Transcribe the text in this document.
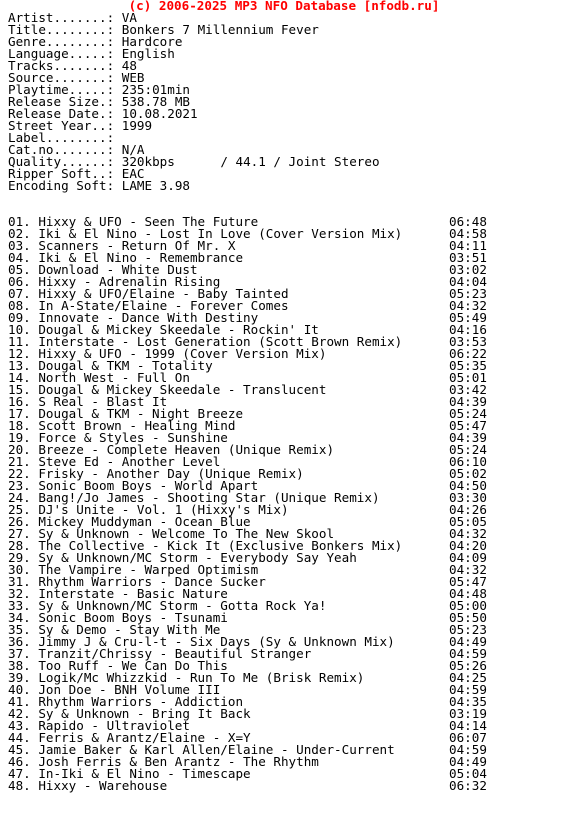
(c) 2006-2025 MP3 NFO Database [nfodb.ru]
Artist.......: VA
Title........: Bonkers 7 Millennium Fever
Genre........: Hardcore
Language.....: English
Tracks.......: 48
Source.......: WEB
Playtime.....: 235:01min
Release Size.: 538.78 MB
Release Date.: 10.08.2021
Street Year..: 1999
Label........:
Cat.no.......: N/A
Quality......: 320kbps      / 44.1 / Joint Stereo
Ripper Soft..: EAC
Encoding Soft: LAME 3.98
01. Hixxy & UFO - Seen The Future	06:48
02. Iki & El Nino - Lost In Love (Cover Version Mix)	04:58
03. Scanners - Return Of Mr. X	04:11
04. Iki & El Nino - Remembrance	03:51
05. Download - White Dust	03:02
06. Hixxy - Adrenalin Rising	04:04
07. Hixxy & UFO/Elaine - Baby Tainted	05:23
08. In A-State/Elaine - Forever Comes	04:32
09. Innovate - Dance With Destiny	05:49
10. Dougal & Mickey Skeedale - Rockin' It	04:16
11. Interstate - Lost Generation (Scott Brown Remix)	03:53
12. Hixxy & UFO - 1999 (Cover Version Mix)	06:22
13. Dougal & TKM - Totality	05:35
14. North West - Full On	05:01
15. Dougal & Mickey Skeedale - Translucent	03:42
16. S Real - Blast It	04:39
17. Dougal & TKM - Night Breeze	05:24
18. Scott Brown - Healing Mind	05:47
19. Force & Styles - Sunshine	04:39
20. Breeze - Complete Heaven (Unique Remix)	05:24
21. Steve Ed - Another Level	06:10
22. Frisky - Another Day (Unique Remix)	05:02
23. Sonic Boom Boys - World Apart	04:50
24. Bang!/Jo James - Shooting Star (Unique Remix)	03:30
25. DJ's Unite - Vol. 1 (Hixxy's Mix)	04:26
26. Mickey Muddyman - Ocean Blue	05:05
27. Sy & Unknown - Welcome To The New Skool	04:32
28. The Collective - Kick It (Exclusive Bonkers Mix)	04:20
29. Sy & Unknown/MC Storm - Everybody Say Yeah	04:09
30. The Vampire - Warped Optimism	04:32
31. Rhythm Warriors - Dance Sucker	05:47
32. Interstate - Basic Nature	04:48
33. Sy & Unknown/MC Storm - Gotta Rock Ya!	05:00
34. Sonic Boom Boys - Tsunami	05:50
35. Sy & Demo - Stay With Me	05:23
36. Jimmy J & Cru-l-t - Six Days (Sy & Unknown Mix)	04:49
37. Tranzit/Chrissy - Beautiful Stranger	04:59
38. Too Ruff - We Can Do This	05:26
39. Logik/Mc Whizzkid - Run To Me (Brisk Remix)	04:25
40. Jon Doe - BNH Volume III	04:59
41. Rhythm Warriors - Addiction	04:35
42. Sy & Unknown - Bring It Back	03:19
43. Rapido - Ultraviolet	04:14
44. Ferris & Arantz/Elaine - X=Y	06:07
45. Jamie Baker & Karl Allen/Elaine - Under-Current	04:59
46. Josh Ferris & Ben Arantz - The Rhythm	04:49
47. In-Iki & El Nino - Timescape	05:04
48. Hixxy - Warehouse	06:32
